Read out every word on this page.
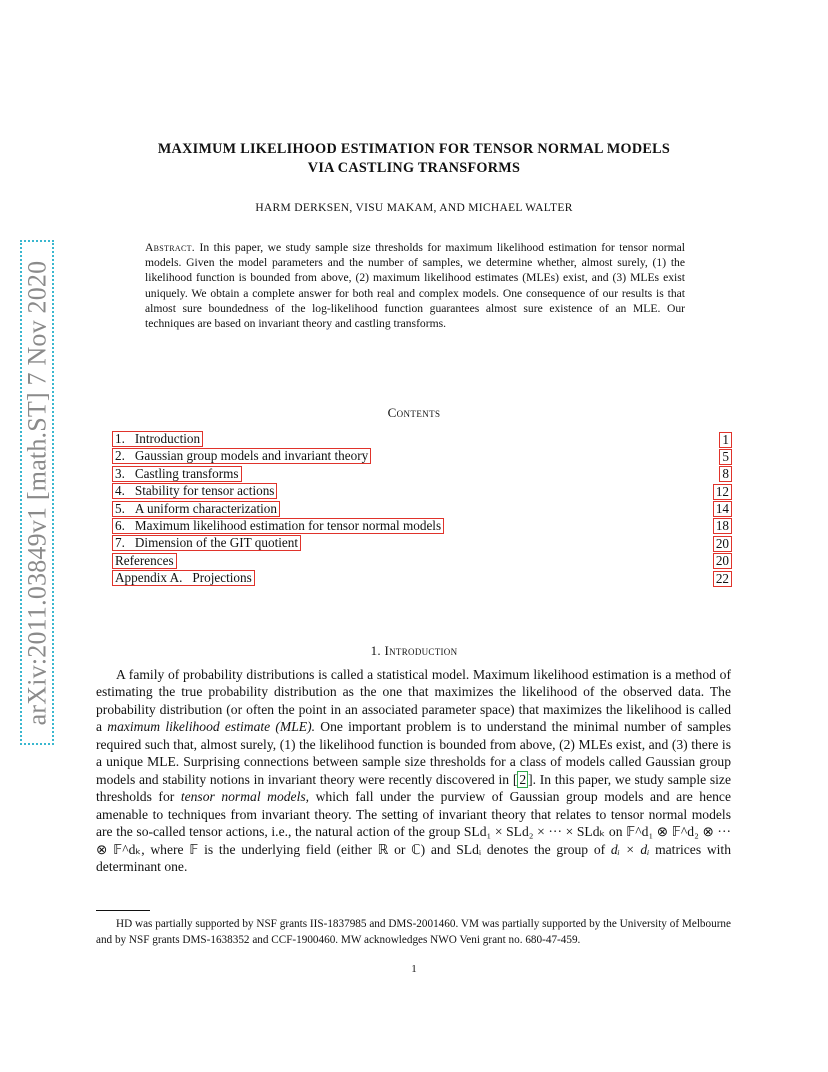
arXiv:2011.03849v1 [math.ST] 7 Nov 2020
MAXIMUM LIKELIHOOD ESTIMATION FOR TENSOR NORMAL MODELS
VIA CASTLING TRANSFORMS
HARM DERKSEN, VISU MAKAM, AND MICHAEL WALTER
Abstract. In this paper, we study sample size thresholds for maximum likelihood estimation for tensor normal models. Given the model parameters and the number of samples, we determine whether, almost surely, (1) the likelihood function is bounded from above, (2) maximum likelihood estimates (MLEs) exist, and (3) MLEs exist uniquely. We obtain a complete answer for both real and complex models. One consequence of our results is that almost sure boundedness of the log-likelihood function guarantees almost sure existence of an MLE. Our techniques are based on invariant theory and castling transforms.
Contents
1. Introduction	1
2. Gaussian group models and invariant theory	5
3. Castling transforms	8
4. Stability for tensor actions	12
5. A uniform characterization	14
6. Maximum likelihood estimation for tensor normal models	18
7. Dimension of the GIT quotient	20
References	20
Appendix A. Projections	22
1. Introduction
A family of probability distributions is called a statistical model. Maximum likelihood estimation is a method of estimating the true probability distribution as the one that maximizes the likelihood of the observed data. The probability distribution (or often the point in an associated parameter space) that maximizes the likelihood is called a maximum likelihood estimate (MLE). One important problem is to understand the minimal number of samples required such that, almost surely, (1) the likelihood function is bounded from above, (2) MLEs exist, and (3) there is a unique MLE. Surprising connections between sample size thresholds for a class of models called Gaussian group models and stability notions in invariant theory were recently discovered in [ 2 ]. In this paper, we study sample size thresholds for tensor normal models, which fall under the purview of Gaussian group models and are hence amenable to techniques from invariant theory. The setting of invariant theory that relates to tensor normal models are the so-called tensor actions, i.e., the natural action of the group SLd₁ × SLd₂ × ··· × SLdₖ on 𝔽^d₁ ⊗ 𝔽^d₂ ⊗ ··· ⊗ 𝔽^dₖ, where 𝔽 is the underlying field (either ℝ or ℂ) and SLdᵢ denotes the group of dᵢ × dᵢ matrices with determinant one.
HD was partially supported by NSF grants IIS-1837985 and DMS-2001460. VM was partially supported by the University of Melbourne and by NSF grants DMS-1638352 and CCF-1900460. MW acknowledges NWO Veni grant no. 680-47-459.
1
